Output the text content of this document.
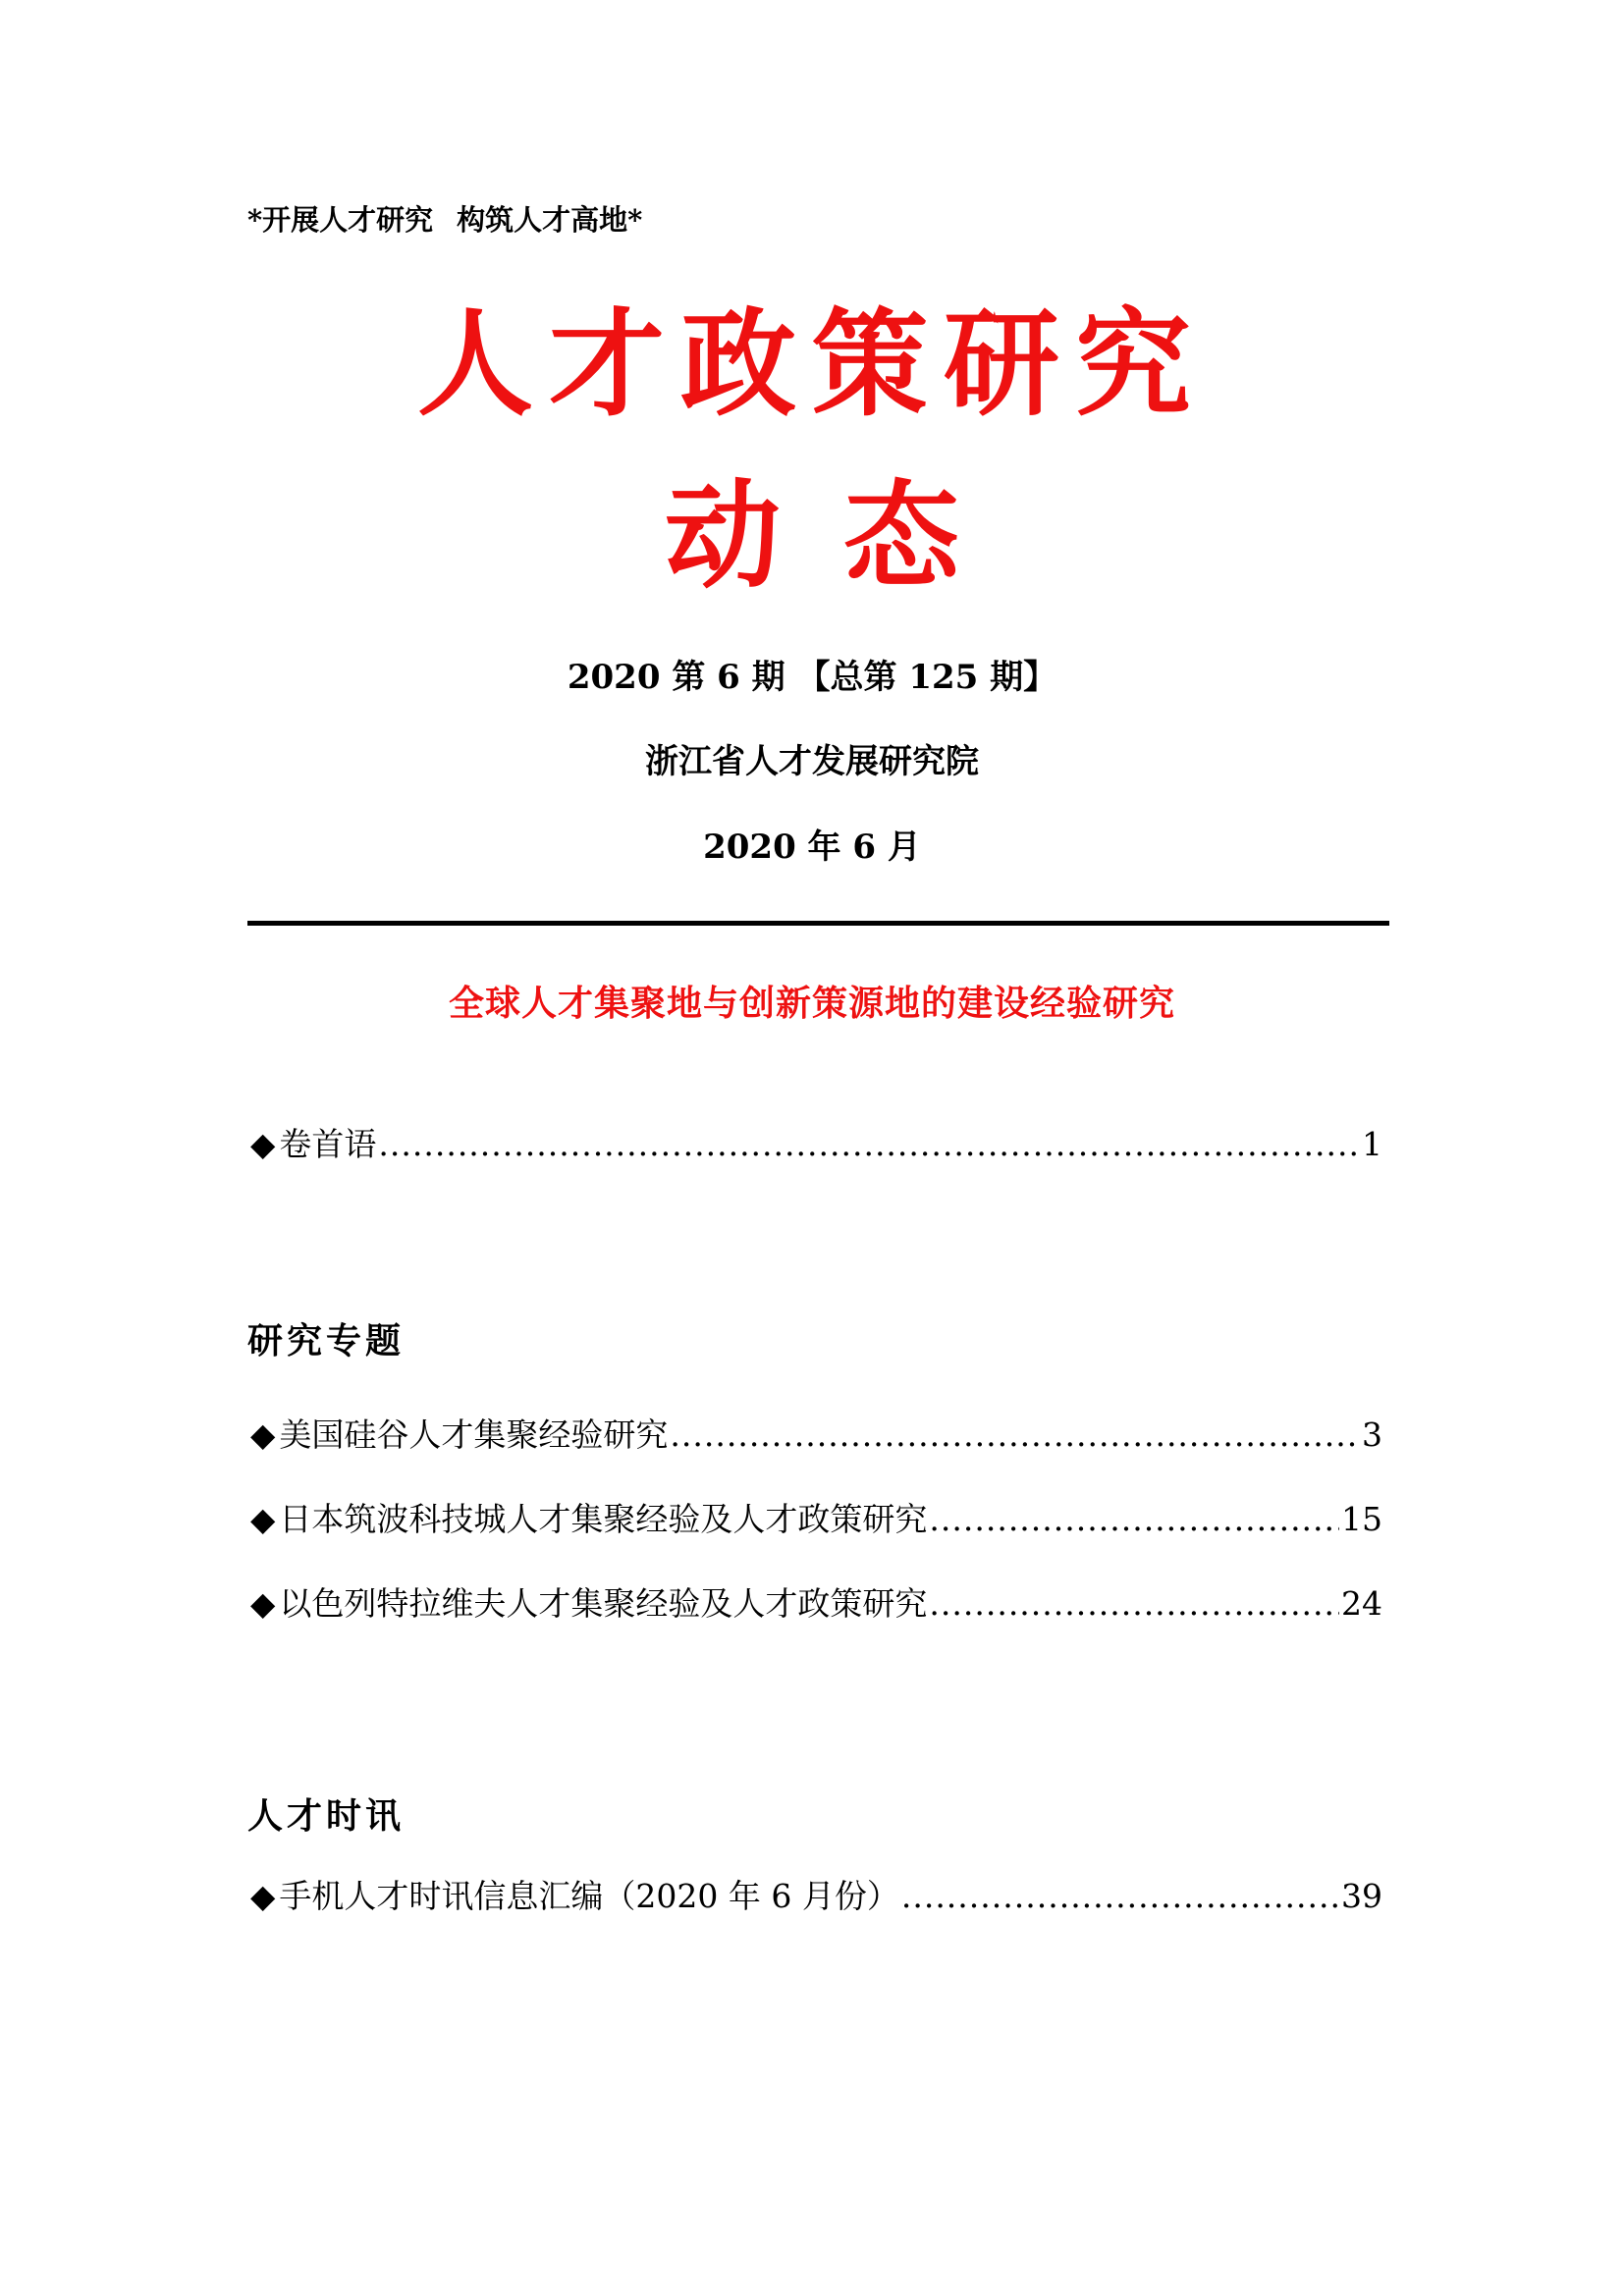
*开展人才研究 构筑人才高地*
人才政策研究
动态
2020 第 6 期 【总第 125 期】
浙江省人才发展研究院
2020 年 6 月
全球人才集聚地与创新策源地的建设经验研究
◆ 卷首语 .....	1
研究专题
◆ 美国硅谷人才集聚经验研究 .....	3
◆ 日本筑波科技城人才集聚经验及人才政策研究 .....	15
◆ 以色列特拉维夫人才集聚经验及人才政策研究 .....	24
人才时讯
◆ 手机人才时讯信息汇编（2020 年 6 月份） .....	39
